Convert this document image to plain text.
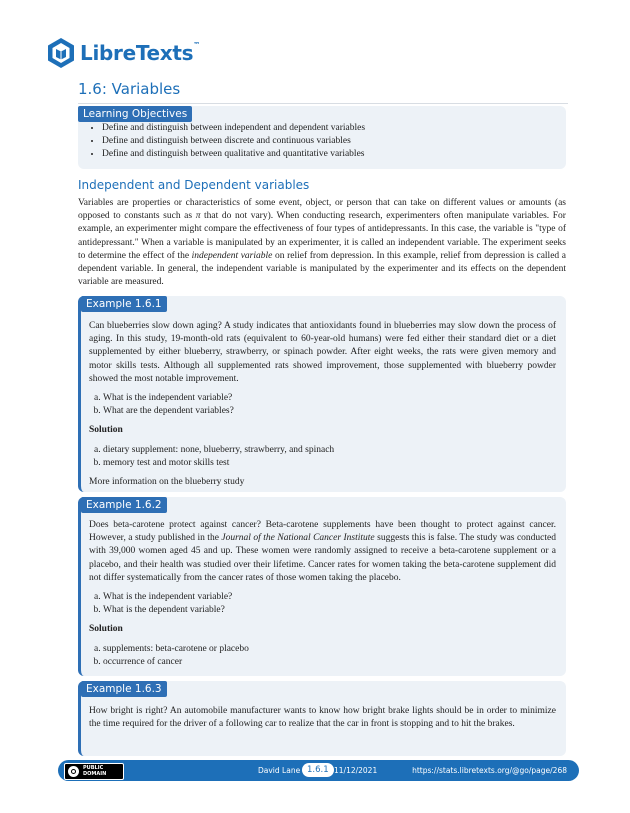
LibreTexts™
1.6: Variables
Learning Objectives
• Define and distinguish between independent and dependent variables
• Define and distinguish between discrete and continuous variables
• Define and distinguish between qualitative and quantitative variables
Independent and Dependent variables

Variables are properties or characteristics of some event, object, or person that can take on different values or amounts (as opposed to constants such as π that do not vary). When conducting research, experimenters often manipulate variables. For example, an experimenter might compare the effectiveness of four types of antidepressants. In this case, the variable is "type of antidepressant." When a variable is manipulated by an experimenter, it is called an independent variable. The experiment seeks to determine the effect of the independent variable on relief from depression. In this example, relief from depression is called a dependent variable. In general, the independent variable is manipulated by the experimenter and its effects on the dependent variable are measured.

Example 1.6.1

Can blueberries slow down aging? A study indicates that antioxidants found in blueberries may slow down the process of aging. In this study, 19-month-old rats (equivalent to 60-year-old humans) were fed either their standard diet or a diet supplemented by either blueberry, strawberry, or spinach powder. After eight weeks, the rats were given memory and motor skills tests. Although all supplemented rats showed improvement, those supplemented with blueberry powder showed the most notable improvement.

a. What is the independent variable?
b. What are the dependent variables?
Solution
a. dietary supplement: none, blueberry, strawberry, and spinach
b. memory test and motor skills test

More information on the blueberry study

Example 1.6.2

Does beta-carotene protect against cancer? Beta-carotene supplements have been thought to protect against cancer. However, a study published in the Journal of the National Cancer Institute suggests this is false. The study was conducted with 39,000 women aged 45 and up. These women were randomly assigned to receive a beta-carotene supplement or a placebo, and their health was studied over their lifetime. Cancer rates for women taking the beta-carotene supplement did not differ systematically from the cancer rates of those women taking the placebo.

a. What is the independent variable?
b. What is the dependent variable?
Solution
a. supplements: beta-carotene or placebo
b. occurrence of cancer
Example 1.6.3

How bright is right? An automobile manufacturer wants to know how bright brake lights should be in order to minimize the time required for the driver of a following car to realize that the car in front is stopping and to hit the brakes.

PUBLIC
DOMAIN	David Lane 1.6.1 11/12/2021	https://stats.libretexts.org/@go/page/268
